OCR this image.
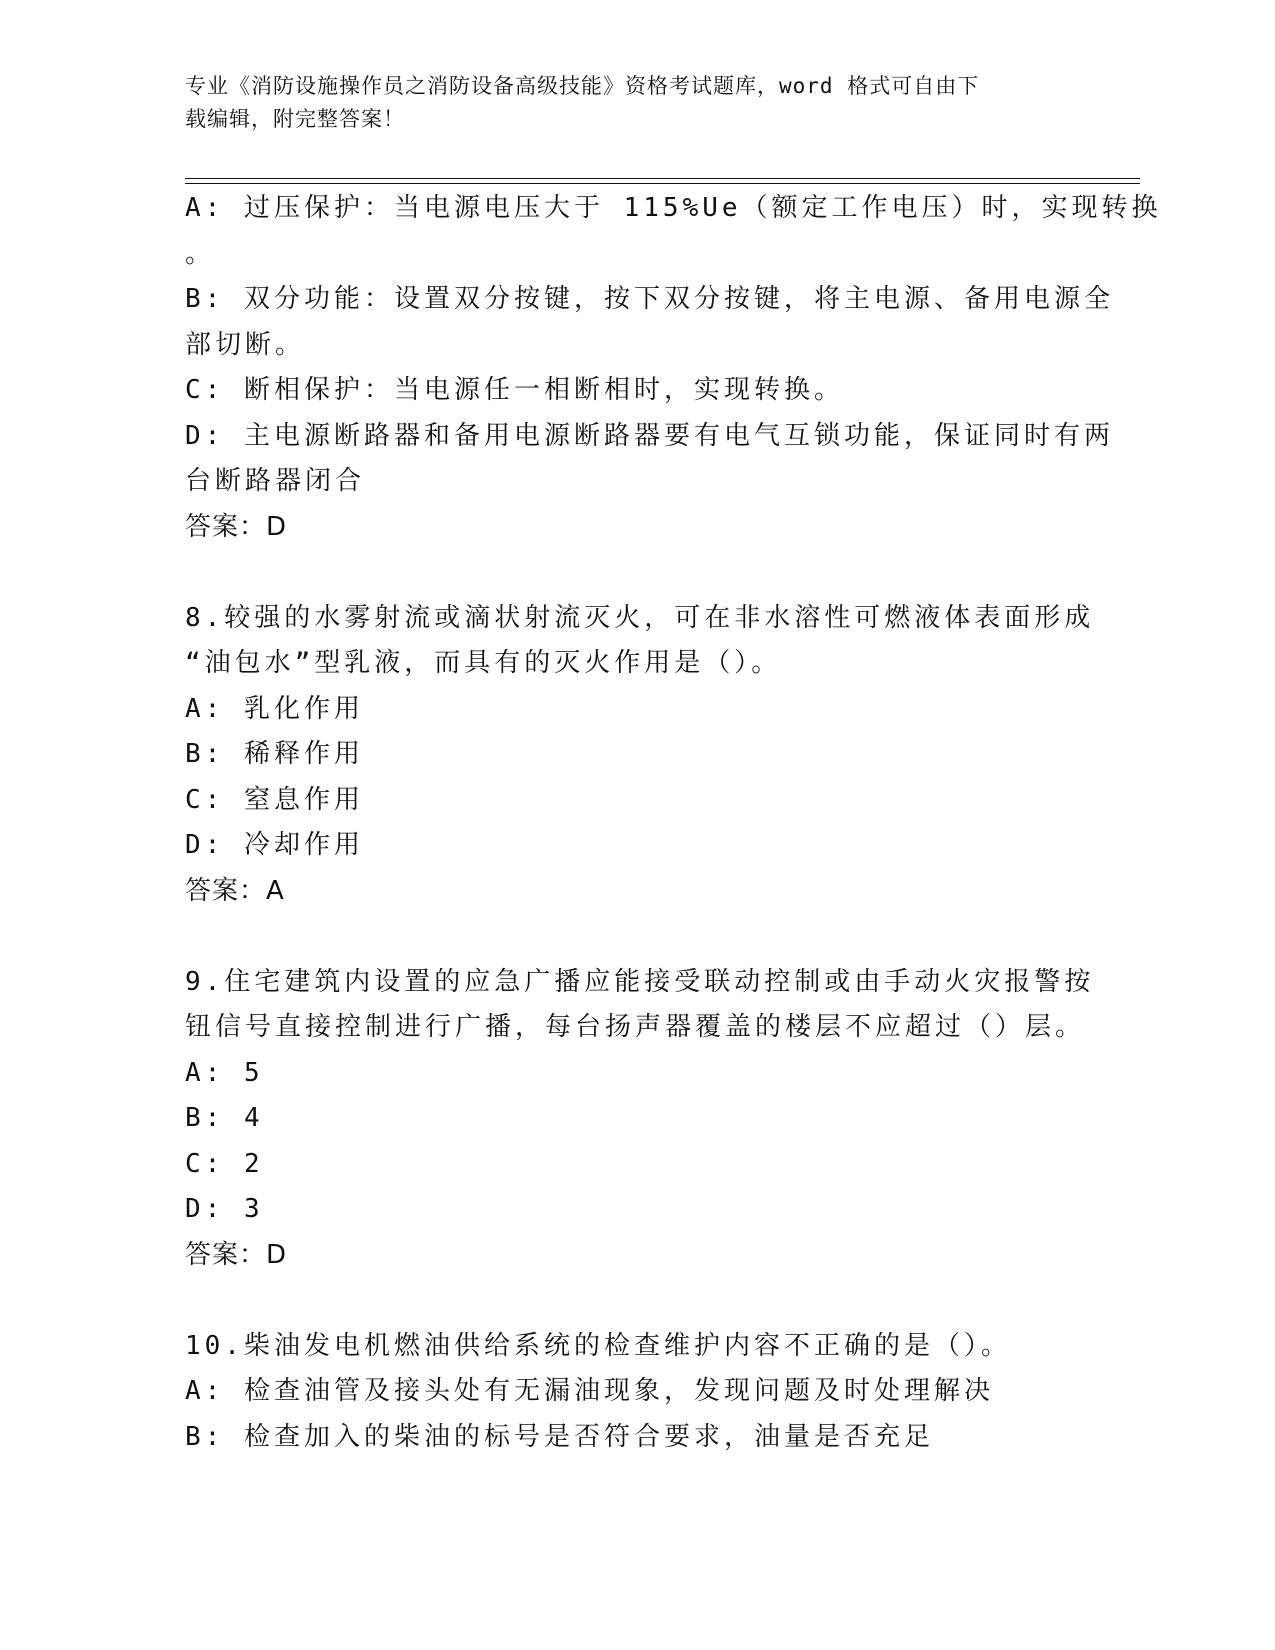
专业《消防设施操作员之消防设备高级技能》资格考试题库，word 格式可自由下
载编辑，附完整答案！
A: 过压保护：当电源电压大于 115%Ue（额定工作电压）时，实现转换
。
B: 双分功能：设置双分按键，按下双分按键，将主电源、备用电源全
部切断。
C: 断相保护：当电源任一相断相时，实现转换。
D: 主电源断路器和备用电源断路器要有电气互锁功能，保证同时有两
台断路器闭合
答案：D
8.较强的水雾射流或滴状射流灭火，可在非水溶性可燃液体表面形成
“油包水”型乳液，而具有的灭火作用是（）。
A: 乳化作用
B: 稀释作用
C: 窒息作用
D: 冷却作用
答案：A
9.住宅建筑内设置的应急广播应能接受联动控制或由手动火灾报警按
钮信号直接控制进行广播，每台扬声器覆盖的楼层不应超过（）层。
A: 5
B: 4
C: 2
D: 3
答案：D
10.柴油发电机燃油供给系统的检查维护内容不正确的是（）。
A: 检查油管及接头处有无漏油现象，发现问题及时处理解决
B: 检查加入的柴油的标号是否符合要求，油量是否充足
